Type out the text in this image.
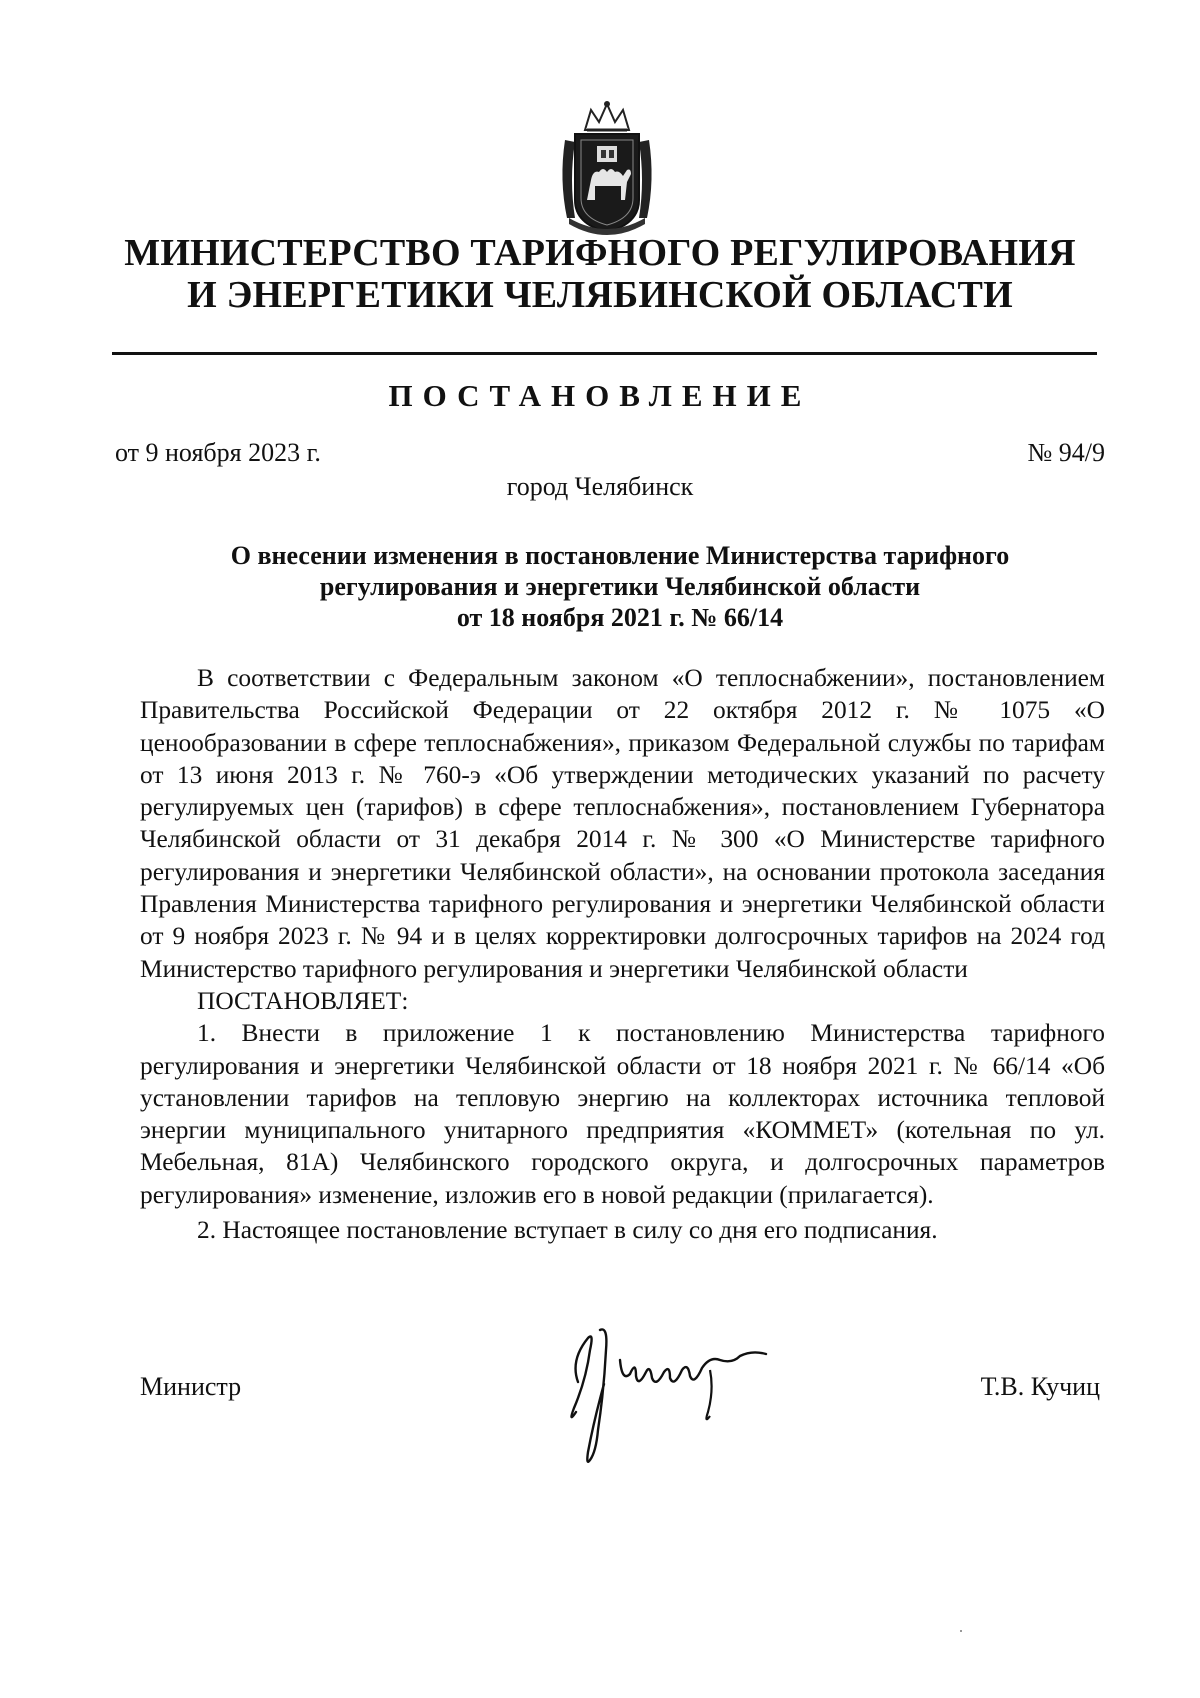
МИНИСТЕРСТВО ТАРИФНОГО РЕГУЛИРОВАНИЯ
И ЭНЕРГЕТИКИ ЧЕЛЯБИНСКОЙ ОБЛАСТИ
ПОСТАНОВЛЕНИЕ
от 9 ноября 2023 г.	№ 94/9
город Челябинск
О внесении изменения в постановление Министерства тарифного
регулирования и энергетики Челябинской области
от 18 ноября 2021 г. № 66/14

В соответствии с Федеральным законом «О теплоснабжении», постановлением Правительства Российской Федерации от 22 октября 2012 г. № 1075 «О ценообразовании в сфере теплоснабжения», приказом Федеральной службы по тарифам от 13 июня 2013 г. № 760-э «Об утверждении методических указаний по расчету регулируемых цен (тарифов) в сфере теплоснабжения», постановлением Губернатора Челябинской области от 31 декабря 2014 г. № 300 «О Министерстве тарифного регулирования и энергетики Челябинской области», на основании протокола заседания Правления Министерства тарифного регулирования и энергетики Челябинской области от 9 ноября 2023 г. № 94 и в целях корректировки долгосрочных тарифов на 2024 год Министерство тарифного регулирования и энергетики Челябинской области

ПОСТАНОВЛЯЕТ:

1. Внести в приложение 1 к постановлению Министерства тарифного регулирования и энергетики Челябинской области от 18 ноября 2021 г. № 66/14 «Об установлении тарифов на тепловую энергию на коллекторах источника тепловой энергии муниципального унитарного предприятия «КОММЕТ» (котельная по ул. Мебельная, 81А) Челябинского городского округа, и долгосрочных параметров регулирования» изменение, изложив его в новой редакции (прилагается).

2. Настоящее постановление вступает в силу со дня его подписания.

Министр	Т.В. Кучиц
